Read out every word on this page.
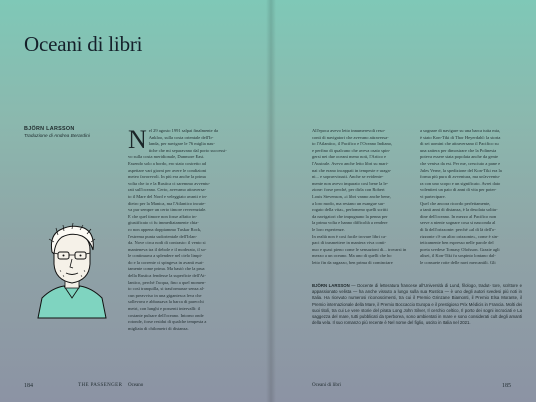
Oceani di libri
BJÖRN LARSSON
Traduzione di Andrea Berardini	Nel 29 agosto 1991 salpai finalmente da
Ankloo, sulla costa orientale dell'Ir-
landa, per navigare le 76 miglia nau-
tiche che mi separavano dal porto successi-
vo sulla costa meridionale, Dunmore East.
Essendo solo a bordo, ero stato costretto ad
aspettare vari giorni per avere le condizioni
meteo favorevoli. In più era anche la prima
volta che io e la Rustica ci saremmo avventu-
rati sull'oceano. Certo, avevamo attraversa-
to il Mare del Nord e veleggiato avanti e in-
dietro per la Manica, ma l'Atlantico incute-
va pur sempre un certo timore reverenziale.
E che quel timore non fosse affatto in-
giustificato ci fu immediatamente chia-
ro non appena doppiammo Tuskar Rock,
l'estrema punta sudorientale dell'Irlan-
da. Nove circa nodi di contrasto: il vento si
manteneva tra il debole e il moderato, il so-
le continuava a splendere nel cielo limpi-
do e la corrente ci spingeva in avanti esat-
tamente come prima. Ma bastò che la prua
della Rustica fendesse la superficie dell'At-
lantico, perché l'acqua, fino a quel momen-
to così tranquilla, si trasformasse senza al-
cun preavviso in una gigantesca leva che
sollevava e abbassava la barca di parecchi
metri, con lunghi e possenti intervalli: il
costante pulsare dell'oceano. Intorno onde
rotonde, forse residui di qualche tempesta a
migliaia di chilometri di distanza.
All'epoca avevo letto innumerevoli reso-
conti di navigatori che avevano attraversa-
to l'Atlantico, il Pacifico e l'Oceano Indiano,
e perfino di qualcuno che aveva osato spin-
gersi nei due oceani meno noti, l'Artico e
l'Australe. Avevo anche letto libri su mari-
nai che erano incappati in tempeste e uraga-
ni... e sopravvissuti. Anche se evidente-
mente non avevo imparato così bene la le-
zione: forse perché, per dirla con Robert
Louis Stevenson, «i libri vanno anche bene,
a loro modo, ma restano un esangue sur-
rogato della vita», perlomeno quelli scritti
da navigatori che impugnano la penna per
la prima volta e hanno difficoltà a rendere
le loro esperienze.
In realtà non è così facile trovare libri ca-
paci di trasmettere in maniera viva conti-
nuo e quasi pieno come le sensazioni di... trovarsi in
mezzo a un oceano. Ma uno di quelli che ho
letto fin da ragazzo, ben prima di cominciare
a sognare di navigare su una barca tutta mia,
è stato Kon-Tiki di Thor Heyerdahl: la storia
di sei uomini che attraversano il Pacifico su
una zattera per dimostrare che la Polinesia
poteva essere stata popolata anche da gente
che veniva da est. Per me, cresciuto a pane e
Jules Verne, la spedizione del Kon-Tiki era la
forma più pura di avventura, ma un'avventu-
ra con uno scopo e un significato. Avrei dato
volentieri un paio di anni di vita per poter-
vi partecipare.
Quel che ancora ricordo perfettamente,
a tanti anni di distanza, è la desolata solitu-
dine dell'oceano. In mezzo al Pacifico non
serve a niente sognare cosa si nasconda al
di là dell'orizzonte: perché «al di là dell'o-
rizzonte c'è un altro orizzonte», come è sin-
teticamente ben espresso nelle parole del
poeta svedese Tomasy Olofsson. Grazie agli
alisei, il Kon-Tiki fu sospinto lontano dal-
le consuete rotte delle navi mercantili. Gli
BJÖRN LARSSON — Docente di letteratura francese all'Università di Lund, filologo, tradut- tore, scrittore e appassionato velista — ha anche vissuto a lungo sulla sua Rustica — è uno degli autori svedesi più noti in Italia. Ha ricevuto numerosi riconoscimenti, tra cui il Premio Grinzane Biamonti, il Premio Elsa Morante, il Premio internazionale della Mare, il Premio Boccaccio Europa e il prestigioso Prix Médicis in Francia. Molti dei suoi titoli, tra cui Le vere storie del pirata Long John Silver, Il cerchio celtico, Il porto dei sogni incrociati e La saggezza del mare, tutti pubblicati da Iperborea, sono ambientati in mare e sono considerati cult degli amanti della vela. Il suo romanzo più recente è Nel nome del figlio, uscito in Italia nel 2021.
184	THE PASSENGER Oceano	Oceani di libri	185
